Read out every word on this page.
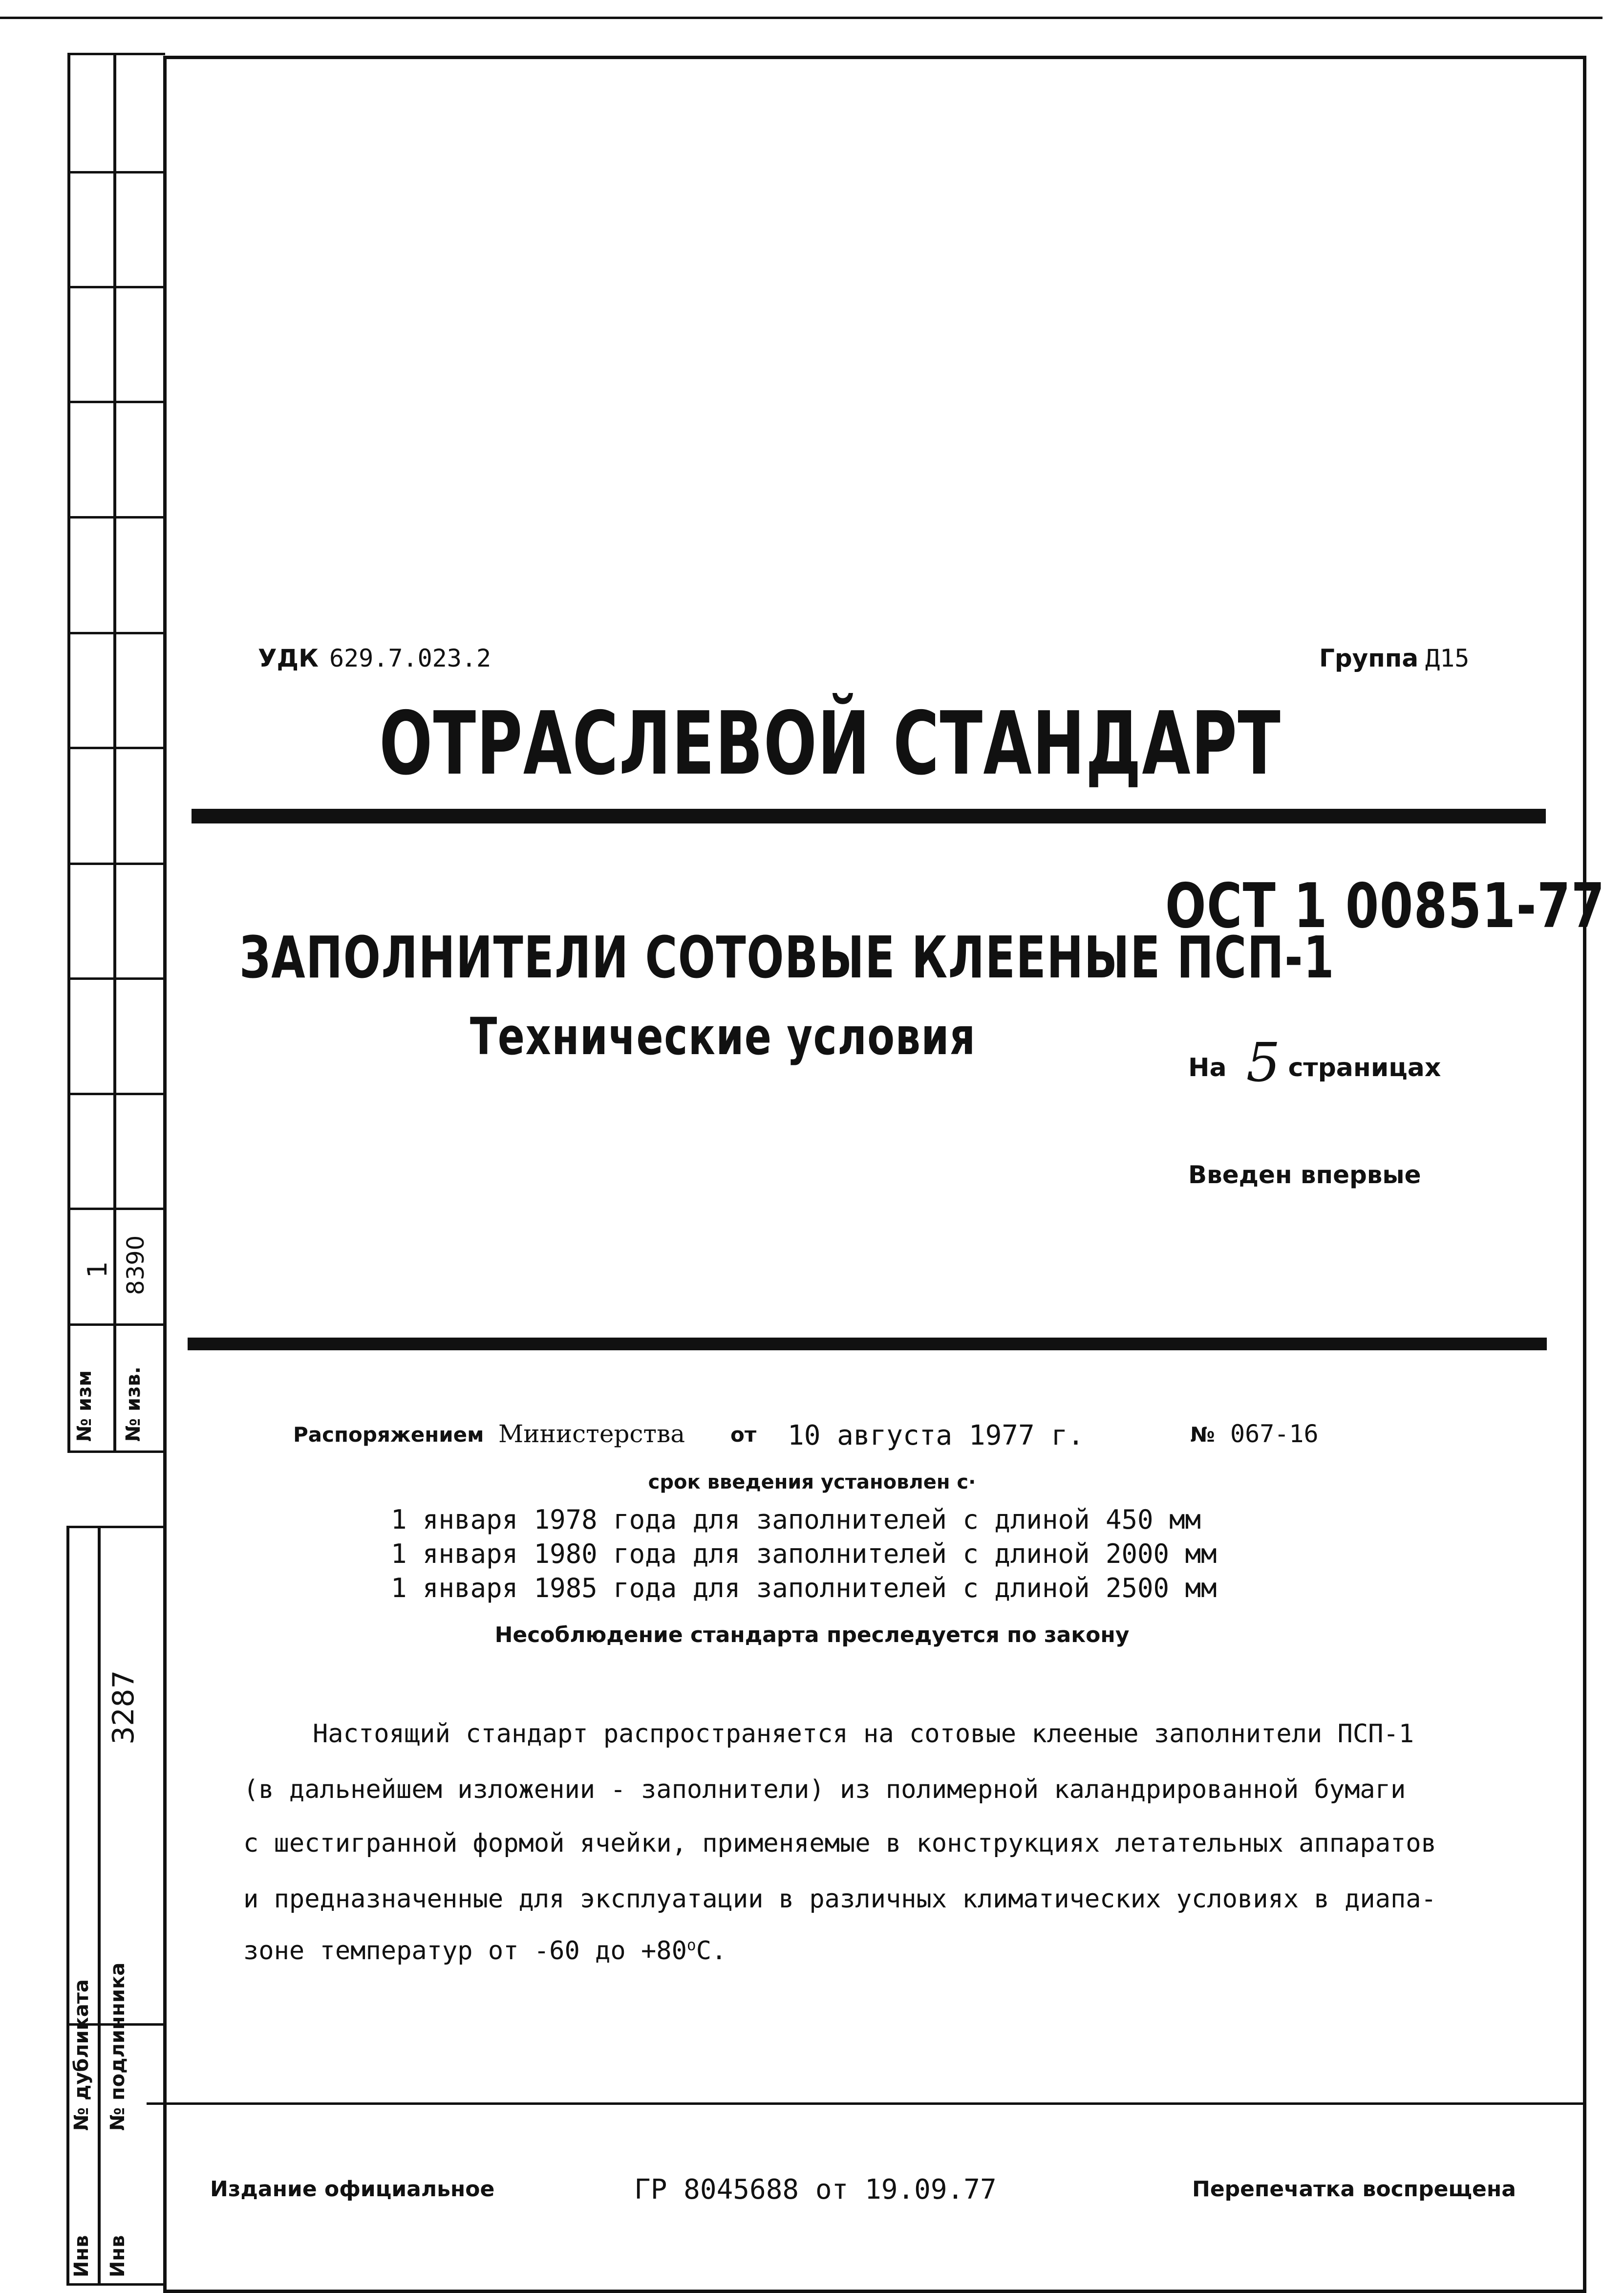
№ изм
1
№ изв.
8390
3287
№ дубликата № подлинника
Инв Инв
УДК 629.7.023.2	Группа Д15
ОТРАСЛЕВОЙ СТАНДАРТ
ОСТ 1 00851-77
ЗАПОЛНИТЕЛИ СОТОВЫЕ КЛЕЕНЫЕ ПСП-1
Технические условия
На 5 страницах
Введен впервые
Распоряжением Министерства от 10 августа 1977 г.	№ 067-16
срок введения установлен с·
1 января 1978 года для заполнителей с длиной 450 мм
1 января 1980 года для заполнителей с длиной 2000 мм
1 января 1985 года для заполнителей с длиной 2500 мм
Несоблюдение стандарта преследуется по закону
Настоящий стандарт распространяется на сотовые клееные заполнители ПСП-1
(в дальнейшем изложении - заполнители) из полимерной каландрированной бумаги
с шестигранной формой ячейки, применяемые в конструкциях летательных аппаратов
и предназначенные для эксплуатации в различных климатических условиях в диапа-
зоне температур от -60 до $+80^oС$.
Издание официальное	ГР 8045688 от 19.09.77	Перепечатка воспрещена
